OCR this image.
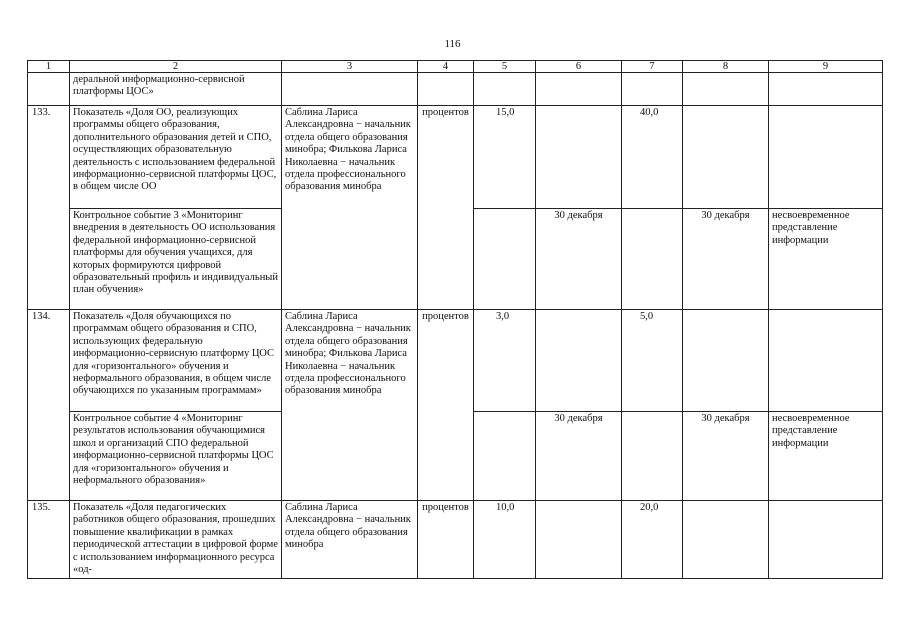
116
1	2	3	4	5	6	7	8	9
	деральной информационно-сервисной платформы ЦОС»							
133.	Показатель «Доля ОО, реализующих программы общего образования, дополнительного образования детей и СПО, осуществляющих образовательную деятельность с использованием федеральной информационно-сервисной платформы ЦОС, в общем числе ОО	Саблина Лариса Александровна − начальник отдела общего образования минобра; Филькова Лариса Николаевна − начальник отдела профессионального образования минобра	процентов	15,0		40,0		
	Контрольное событие 3 «Мониторинг внедрения в деятельность ОО использования федеральной информационно-сервисной платформы для обучения учащихся, для которых формируются цифровой образовательный профиль и индивидуальный план обучения»				30 декабря		30 декабря	несвоевременное представление информации
134.	Показатель «Доля обучающихся по программам общего образования и СПО, использующих федеральную информационно-сервисную платформу ЦОС для «горизонтального» обучения и неформального образования, в общем числе обучающихся по указанным программам»	Саблина Лариса Александровна − начальник отдела общего образования минобра; Филькова Лариса Николаевна − начальник отдела профессионального образования минобра	процентов	3,0		5,0		
	Контрольное событие 4 «Мониторинг результатов использования обучающимися школ и организаций СПО федеральной информационно-сервисной платформы ЦОС для «горизонтального» обучения и неформального образования»				30 декабря		30 декабря	несвоевременное представление информации
135.	Показатель «Доля педагогических работников общего образования, прошедших повышение квалификации в рамках периодической аттестации в цифровой форме с использованием информационного ресурса «од-	Саблина Лариса Александровна − начальник отдела общего образования минобра	процентов	10,0		20,0		
